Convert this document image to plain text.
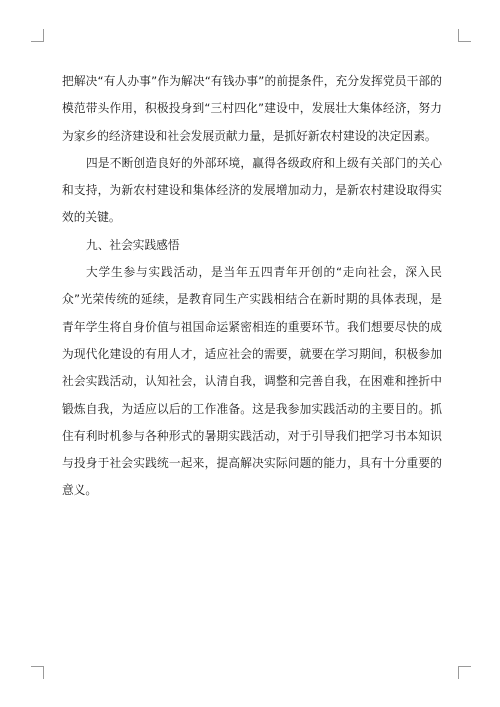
把解决“有人办事”作为解决“有钱办事”的前提条件，充分发挥党员干部的模范带头作用，积极投身到“三村四化”建设中，发展壮大集体经济，努力为家乡的经济建设和社会发展贡献力量，是抓好新农村建设的决定因素。

四是不断创造良好的外部环境，赢得各级政府和上级有关部门的关心和支持，为新农村建设和集体经济的发展增加动力，是新农村建设取得实效的关键。

九、社会实践感悟

大学生参与实践活动，是当年五四青年开创的“走向社会，深入民众”光荣传统的延续，是教育同生产实践相结合在新时期的具体表现，是青年学生将自身价值与祖国命运紧密相连的重要环节。我们想要尽快的成为现代化建设的有用人才，适应社会的需要，就要在学习期间，积极参加社会实践活动，认知社会，认清自我，调整和完善自我，在困难和挫折中锻炼自我，为适应以后的工作准备。这是我参加实践活动的主要目的。抓住有利时机参与各种形式的暑期实践活动，对于引导我们把学习书本知识与投身于社会实践统一起来，提高解决实际问题的能力，具有十分重要的意义。
